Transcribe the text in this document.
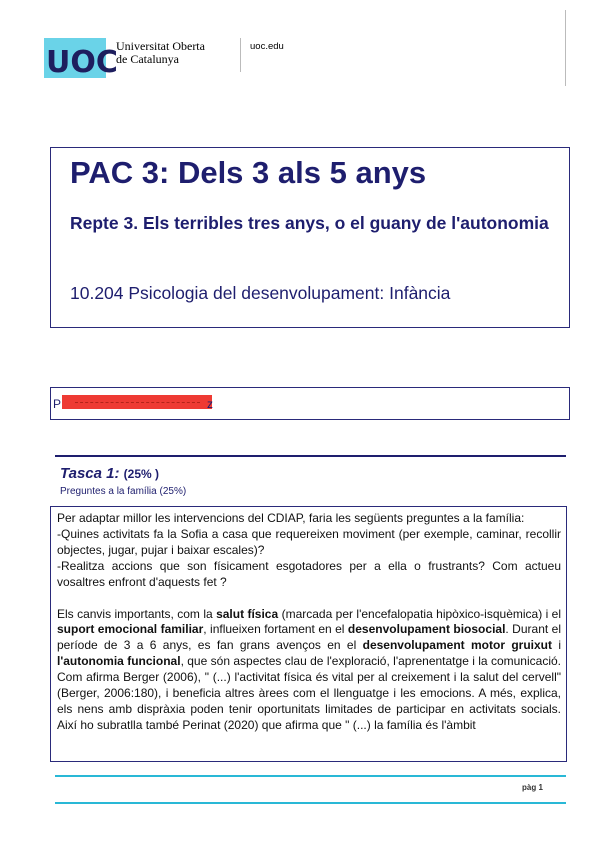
UOC
Universitat Oberta
de Catalunya
uoc.edu
PAC 3: Dels 3 als 5 anys
Repte 3. Els terribles tres anys, o el guany de l'autonomia
10.204 Psicologia del desenvolupament: Infància
P	z
Tasca 1: (25% )
Preguntes a la família (25%)

Per adaptar millor les intervencions del CDIAP, faria les següents preguntes a la família:

-Quines activitats fa la Sofia a casa que requereixen moviment (per exemple, caminar, recollir objectes, jugar, pujar i baixar escales)?

-Realitza accions que son físicament esgotadores per a ella o frustrants? Com actueu vosaltres enfront d'aquests fet ?

Els canvis importants, com la salut física (marcada per l'encefalopatia hipòxico-isquèmica) i el suport emocional familiar, influeixen fortament en el desenvolupament biosocial. Durant el període de 3 a 6 anys, es fan grans avenços en el desenvolupament motor gruixut i l'autonomia funcional, que són aspectes clau de l'exploració, l'aprenentatge i la comunicació. Com afirma Berger (2006), " (...) l'activitat física és vital per al creixement i la salut del cervell" (Berger, 2006:180), i beneficia altres àrees com el llenguatge i les emocions. A més, explica, els nens amb dispràxia poden tenir oportunitats limitades de participar en activitats socials. Així ho subratlla també Perinat (2020) que afirma que " (...) la família és l'àmbit

pàg 1
